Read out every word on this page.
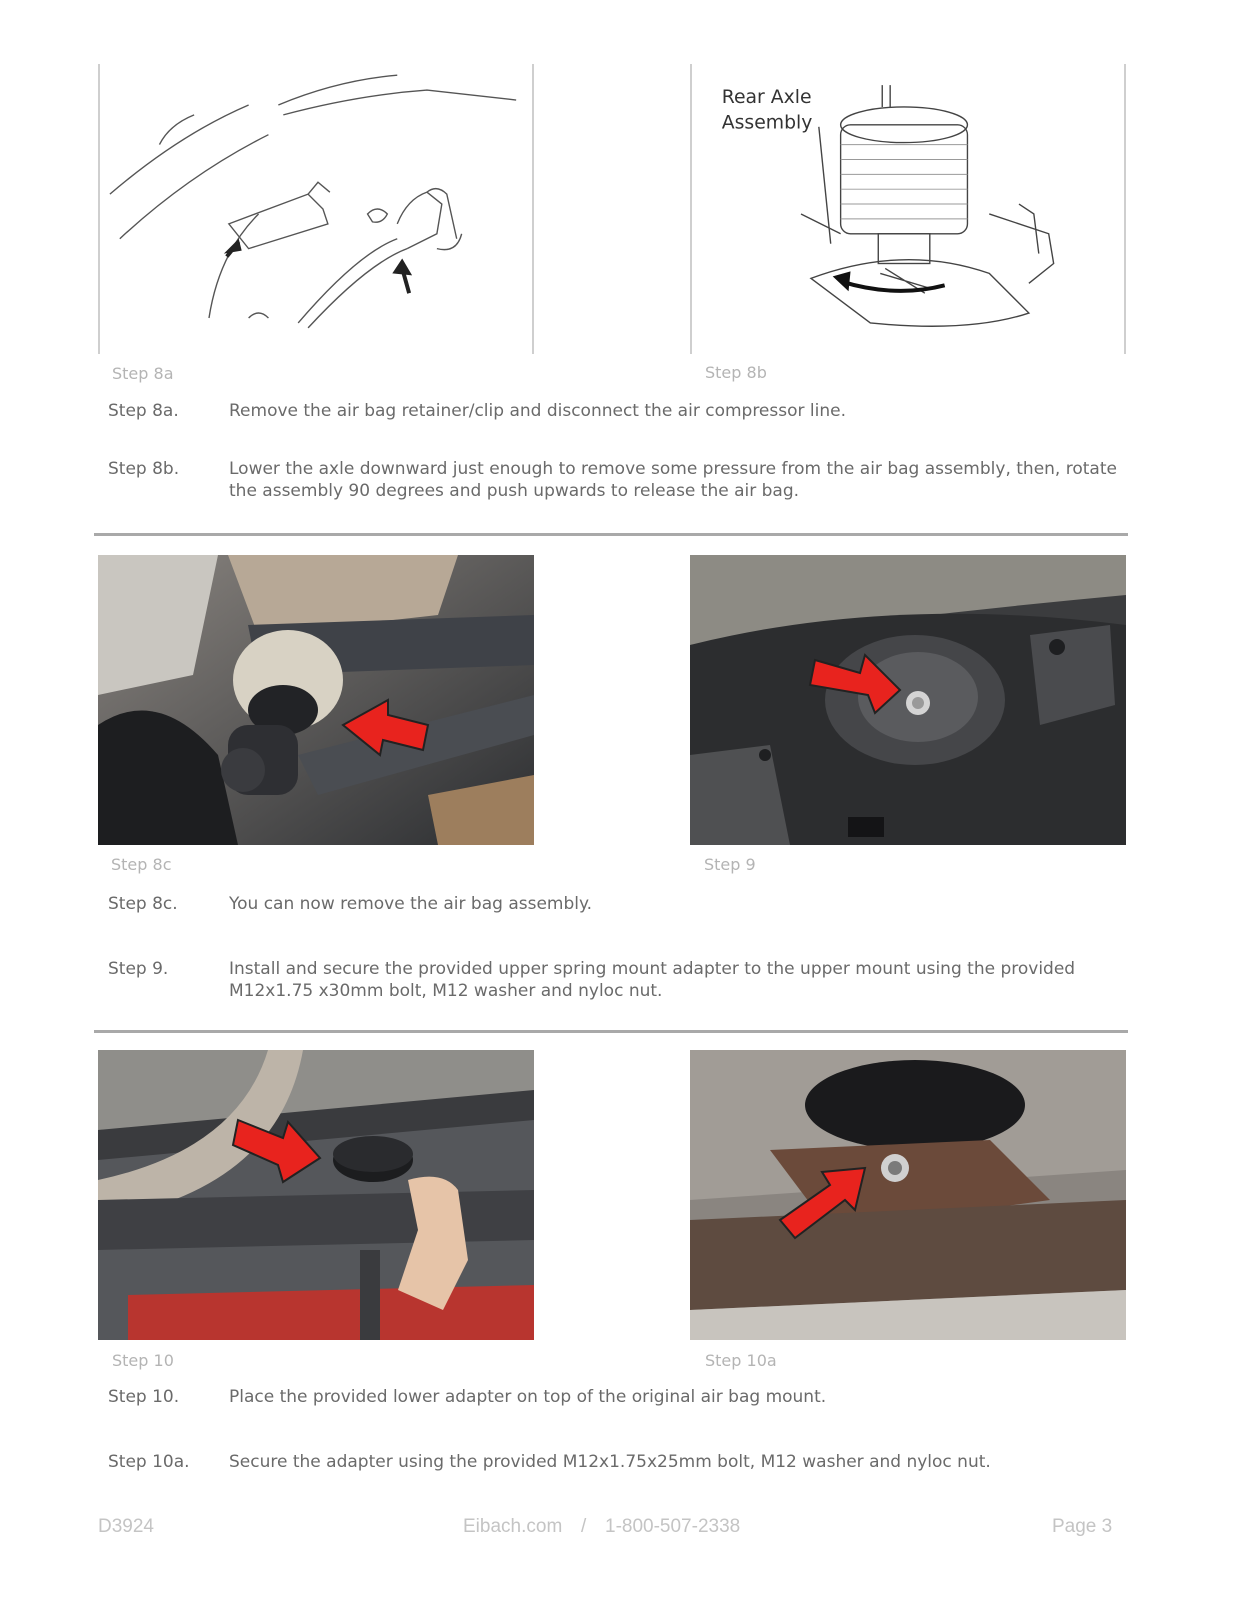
Step 8a
Rear Axle
Assembly
Step 8b
Step 8a.	Remove the air bag retainer/clip and disconnect the air compressor line.
Step 8b.	Lower the axle downward just enough to remove some pressure from the air bag assembly, then, rotate the assembly 90 degrees and push upwards to release the air bag.
Step 8c	Step 9
Step 8c.	You can now remove the air bag assembly.
Step 9.	Install and secure the provided upper spring mount adapter to the upper mount using the provided M12x1.75 x30mm bolt, M12 washer and nyloc nut.
Step 10	Step 10a
Step 10.	Place the provided lower adapter on top of the original air bag mount.
Step 10a.	Secure the adapter using the provided M12x1.75x25mm bolt, M12 washer and nyloc nut.
D3924	Eibach.com / 1-800-507-2338	Page 3
